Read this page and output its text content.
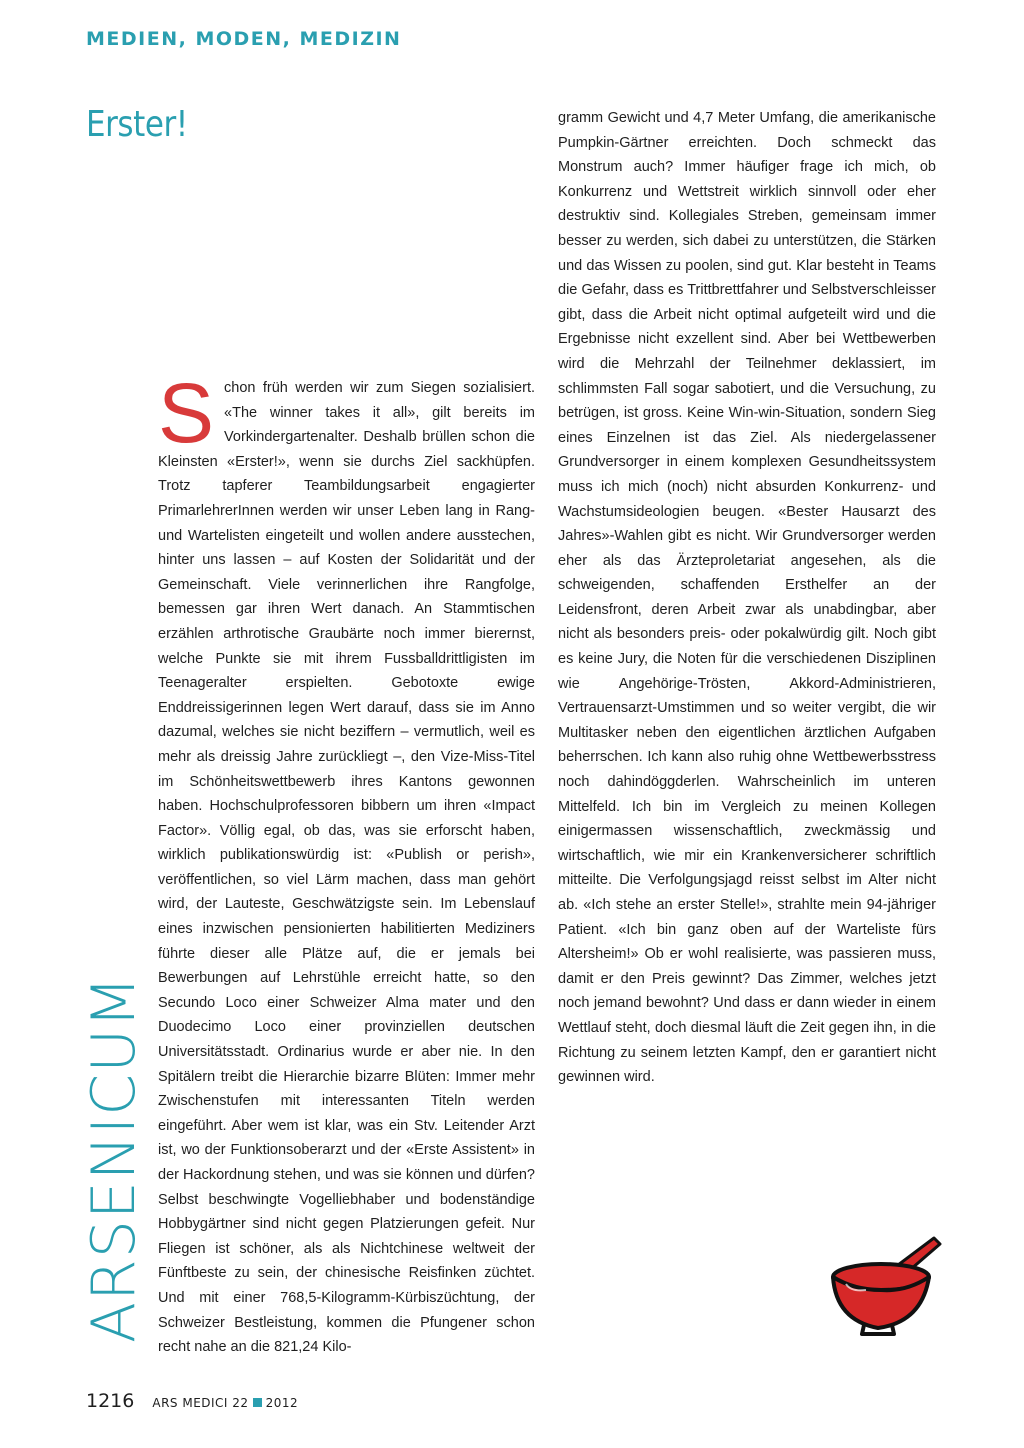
MEDIEN, MODEN, MEDIZIN
Erster!

Schon früh werden wir zum Siegen sozialisiert. «The winner takes it all», gilt bereits im Vorkindergartenalter. Deshalb brüllen schon die Kleinsten «Erster!», wenn sie durchs Ziel sackhüpfen. Trotz tapferer Teambildungsarbeit engagierter PrimarlehrerInnen werden wir unser Leben lang in Rang- und Wartelisten eingeteilt und wollen andere ausstechen, hinter uns lassen – auf Kosten der Solidarität und der Gemeinschaft. Viele verinnerlichen ihre Rangfolge, bemessen gar ihren Wert danach. An Stammtischen erzählen arthrotische Graubärte noch immer bierernst, welche Punkte sie mit ihrem Fussballdrittligisten im Teenageralter erspielten. Gebotoxte ewige Enddreissigerinnen legen Wert darauf, dass sie im Anno dazumal, welches sie nicht beziffern – vermutlich, weil es mehr als dreissig Jahre zurückliegt –, den Vize-Miss-Titel im Schönheitswettbewerb ihres Kantons gewonnen haben. Hochschulprofessoren bibbern um ihren «Impact Factor». Völlig egal, ob das, was sie erforscht haben, wirklich publikationswürdig ist: «Publish or perish», veröffentlichen, so viel Lärm machen, dass man gehört wird, der Lauteste, Geschwätzigste sein. Im Lebenslauf eines inzwischen pensionierten habilitierten Mediziners führte dieser alle Plätze auf, die er jemals bei Bewerbungen auf Lehrstühle erreicht hatte, so den Secundo Loco einer Schweizer Alma mater und den Duodecimo Loco einer provinziellen deutschen Universitätsstadt. Ordinarius wurde er aber nie. In den Spitälern treibt die Hierarchie bizarre Blüten: Immer mehr Zwischenstufen mit interessanten Titeln werden eingeführt. Aber wem ist klar, was ein Stv. Leitender Arzt ist, wo der Funktionsoberarzt und der «Erste Assistent» in der Hackordnung stehen, und was sie können und dürfen? Selbst beschwingte Vogelliebhaber und bodenständige Hobbygärtner sind nicht gegen Platzierungen gefeit. Nur Fliegen ist schöner, als als Nichtchinese weltweit der Fünftbeste zu sein, der chinesische Reisfinken züchtet. Und mit einer 768,5-Kilogramm-Kürbiszüchtung, der Schweizer Bestleistung, kommen die Pfungener schon recht nahe an die 821,24 Kilo-

gramm Gewicht und 4,7 Meter Umfang, die amerikanische Pumpkin-Gärtner erreichten. Doch schmeckt das Monstrum auch? Immer häufiger frage ich mich, ob Konkurrenz und Wettstreit wirklich sinnvoll oder eher destruktiv sind. Kollegiales Streben, gemeinsam immer besser zu werden, sich dabei zu unterstützen, die Stärken und das Wissen zu poolen, sind gut. Klar besteht in Teams die Gefahr, dass es Trittbrettfahrer und Selbstverschleisser gibt, dass die Arbeit nicht optimal aufgeteilt wird und die Ergebnisse nicht exzellent sind. Aber bei Wettbewerben wird die Mehrzahl der Teilnehmer deklassiert, im schlimmsten Fall sogar sabotiert, und die Versuchung, zu betrügen, ist gross. Keine Win-win-Situation, sondern Sieg eines Einzelnen ist das Ziel. Als niedergelassener Grundversorger in einem komplexen Gesundheitssystem muss ich mich (noch) nicht absurden Konkurrenz- und Wachstumsideologien beugen. «Bester Hausarzt des Jahres»-Wahlen gibt es nicht. Wir Grundversorger werden eher als das Ärzteproletariat angesehen, als die schweigenden, schaffenden Ersthelfer an der Leidensfront, deren Arbeit zwar als unabdingbar, aber nicht als besonders preis- oder pokalwürdig gilt. Noch gibt es keine Jury, die Noten für die verschiedenen Disziplinen wie Angehörige-Trösten, Akkord-Administrieren, Vertrauensarzt-Umstimmen und so weiter vergibt, die wir Multitasker neben den eigentlichen ärztlichen Aufgaben beherrschen. Ich kann also ruhig ohne Wettbewerbsstress noch dahindöggderlen. Wahrscheinlich im unteren Mittelfeld. Ich bin im Vergleich zu meinen Kollegen einigermassen wissenschaftlich, zweckmässig und wirtschaftlich, wie mir ein Krankenversicherer schriftlich mitteilte. Die Verfolgungsjagd reisst selbst im Alter nicht ab. «Ich stehe an erster Stelle!», strahlte mein 94-jähriger Patient. «Ich bin ganz oben auf der Warteliste fürs Altersheim!» Ob er wohl realisierte, was passieren muss, damit er den Preis gewinnt? Das Zimmer, welches jetzt noch jemand bewohnt? Und dass er dann wieder in einem Wettlauf steht, doch diesmal läuft die Zeit gegen ihn, in die Richtung zu seinem letzten Kampf, den er garantiert nicht gewinnen wird.

ARSENICUM
1216 ARS MEDICI 22 2012
